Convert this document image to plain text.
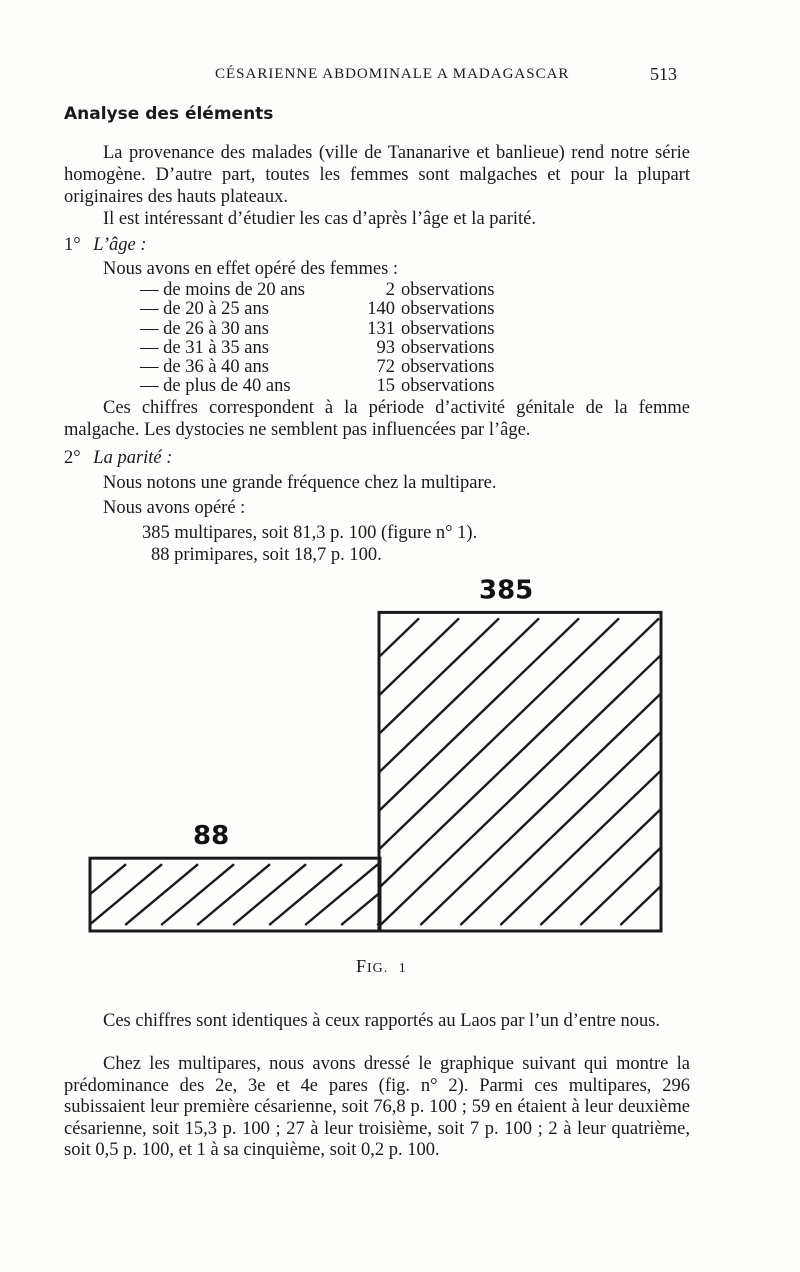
CÉSARIENNE ABDOMINALE A MADAGASCAR	513
Analyse des éléments
La provenance des malades (ville de Tananarive et banlieue) rend notre série homogène. D’autre part, toutes les femmes sont malgaches et pour la plupart originaires des hauts plateaux.
Il est intéressant d’étudier les cas d’après l’âge et la parité.
1° L’âge :
Nous avons en effet opéré des femmes :
— de moins de 20 ans	2	observations
— de 20 à 25 ans	140	observations
— de 26 à 30 ans	131	observations
— de 31 à 35 ans	93	observations
— de 36 à 40 ans	72	observations
— de plus de 40 ans	15	observations
Ces chiffres correspondent à la période d’activité génitale de la femme malgache. Les dystocies ne semblent pas influencées par l’âge.
2° La parité :
Nous notons une grande fréquence chez la multipare.
Nous avons opéré :
385 multipares, soit 81,3 p. 100 (figure n° 1).
88 primipares, soit 18,7 p. 100.
88
385
FIG. 1
Ces chiffres sont identiques à ceux rapportés au Laos par l’un d’entre nous.
Chez les multipares, nous avons dressé le graphique suivant qui montre la prédominance des 2e, 3e et 4e pares (fig. n° 2). Parmi ces multipares, 296 subissaient leur première césarienne, soit 76,8 p. 100 ; 59 en étaient à leur deuxième césarienne, soit 15,3 p. 100 ; 27 à leur troisième, soit 7 p. 100 ; 2 à leur quatrième, soit 0,5 p. 100, et 1 à sa cinquième, soit 0,2 p. 100.
